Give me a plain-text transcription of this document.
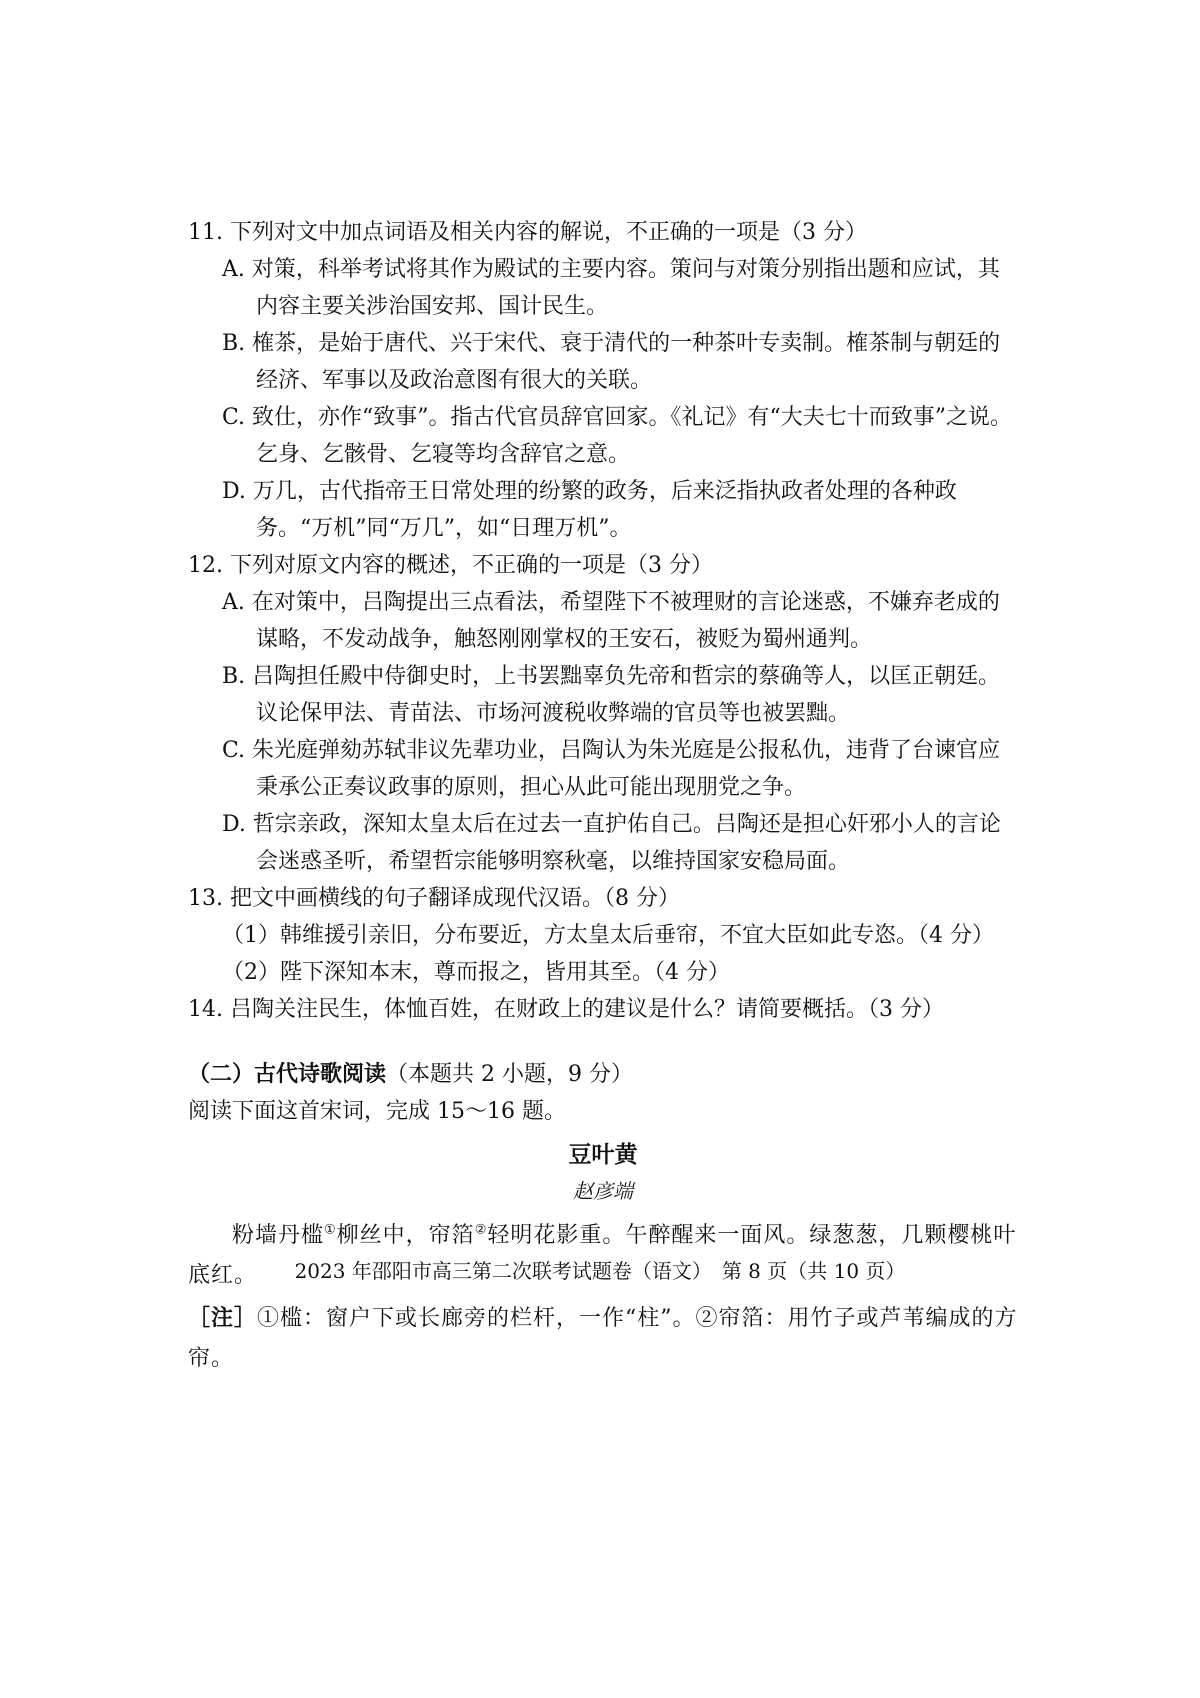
11. 下列对文中加点词语及相关内容的解说，不正确的一项是（3 分）

A. 对策，科举考试将其作为殿试的主要内容。策问与对策分别指出题和应试，其内容主要关涉治国安邦、国计民生。

B. 榷茶，是始于唐代、兴于宋代、衰于清代的一种茶叶专卖制。榷茶制与朝廷的经济、军事以及政治意图有很大的关联。

C. 致仕，亦作“致事”。指古代官员辞官回家。《礼记》有“大夫七十而致事”之说。乞身、乞骸骨、乞寝等均含辞官之意。

D. 万几，古代指帝王日常处理的纷繁的政务，后来泛指执政者处理的各种政务。“万机”同“万几”，如“日理万机”。

12. 下列对原文内容的概述，不正确的一项是（3 分）

A. 在对策中，吕陶提出三点看法，希望陛下不被理财的言论迷惑，不嫌弃老成的谋略，不发动战争，触怒刚刚掌权的王安石，被贬为蜀州通判。

B. 吕陶担任殿中侍御史时，上书罢黜辜负先帝和哲宗的蔡确等人，以匡正朝廷。议论保甲法、青苗法、市场河渡税收弊端的官员等也被罢黜。

C. 朱光庭弹劾苏轼非议先辈功业，吕陶认为朱光庭是公报私仇，违背了台谏官应秉承公正奏议政事的原则，担心从此可能出现朋党之争。

D. 哲宗亲政，深知太皇太后在过去一直护佑自己。吕陶还是担心奸邪小人的言论会迷惑圣听，希望哲宗能够明察秋毫，以维持国家安稳局面。

13. 把文中画横线的句子翻译成现代汉语。（8 分）

（1）韩维援引亲旧，分布要近，方太皇太后垂帘，不宜大臣如此专恣。（4 分）

（2）陛下深知本末，尊而报之，皆用其至。（4 分）

14. 吕陶关注民生，体恤百姓，在财政上的建议是什么？请简要概括。（3 分）

（二）古代诗歌阅读（本题共 2 小题，9 分）

阅读下面这首宋词，完成 15～16 题。

豆叶黄
赵彦端

粉墙丹槛①柳丝中，帘箔②轻明花影重。午醉醒来一面风。绿葱葱，几颗樱桃叶底红。

［注］①槛：窗户下或长廊旁的栏杆，一作“柱”。②帘箔：用竹子或芦苇编成的方帘。

2023 年邵阳市高三第二次联考试题卷（语文）　第 8 页（共 10 页）
